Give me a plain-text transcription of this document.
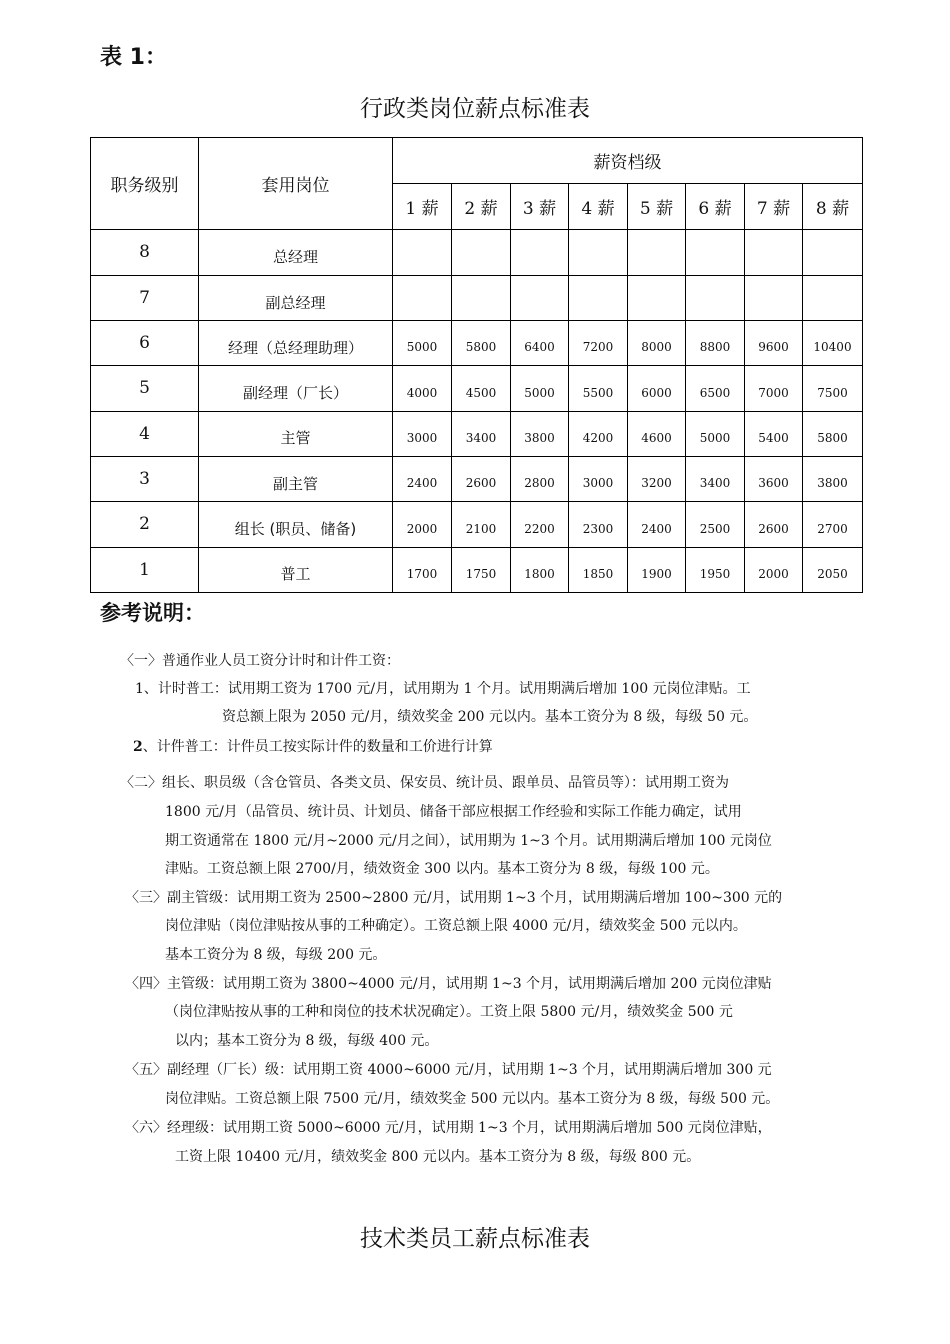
表 1：
行政类岗位薪点标准表
职务级别	套用岗位	薪资档级							
		1 薪	2 薪	3 薪	4 薪	5 薪	6 薪	7 薪	8 薪
8	总经理								
7	副总经理								
6	经理（总经理助理）	5000	5800	6400	7200	8000	8800	9600	10400
5	副经理（厂长）	4000	4500	5000	5500	6000	6500	7000	7500
4	主管	3000	3400	3800	4200	4600	5000	5400	5800
3	副主管	2400	2600	2800	3000	3200	3400	3600	3800
2	组长 (职员、储备)	2000	2100	2200	2300	2400	2500	2600	2700
1	普工	1700	1750	1800	1850	1900	1950	2000	2050
参考说明：
〈一〉普通作业人员工资分计时和计件工资：
1、计时普工：试用期工资为 1700 元/月，试用期为 1 个月。试用期满后增加 100 元岗位津贴。工
资总额上限为 2050 元/月，绩效奖金 200 元以内。基本工资分为 8 级，每级 50 元。
2、计件普工：计件员工按实际计件的数量和工价进行计算
〈二〉组长、职员级（含仓管员、各类文员、保安员、统计员、跟单员、品管员等）：试用期工资为
1800 元/月（品管员、统计员、计划员、储备干部应根据工作经验和实际工作能力确定，试用
期工资通常在 1800 元/月~2000 元/月之间），试用期为 1~3 个月。试用期满后增加 100 元岗位
津贴。工资总额上限 2700/月，绩效资金 300 以内。基本工资分为 8 级，每级 100 元。
〈三〉副主管级：试用期工资为 2500~2800 元/月，试用期 1~3 个月，试用期满后增加 100~300 元的
岗位津贴（岗位津贴按从事的工种确定）。工资总额上限 4000 元/月，绩效奖金 500 元以内。
基本工资分为 8 级，每级 200 元。
〈四〉主管级：试用期工资为 3800~4000 元/月，试用期 1~3 个月，试用期满后增加 200 元岗位津贴
（岗位津贴按从事的工种和岗位的技术状况确定）。工资上限 5800 元/月，绩效奖金 500 元
以内；基本工资分为 8 级，每级 400 元。
〈五〉副经理（厂长）级：试用期工资 4000~6000 元/月，试用期 1~3 个月，试用期满后增加 300 元
岗位津贴。工资总额上限 7500 元/月，绩效奖金 500 元以内。基本工资分为 8 级，每级 500 元。
〈六〉经理级：试用期工资 5000~6000 元/月，试用期 1~3 个月，试用期满后增加 500 元岗位津贴，
工资上限 10400 元/月，绩效奖金 800 元以内。基本工资分为 8 级，每级 800 元。
技术类员工薪点标准表
